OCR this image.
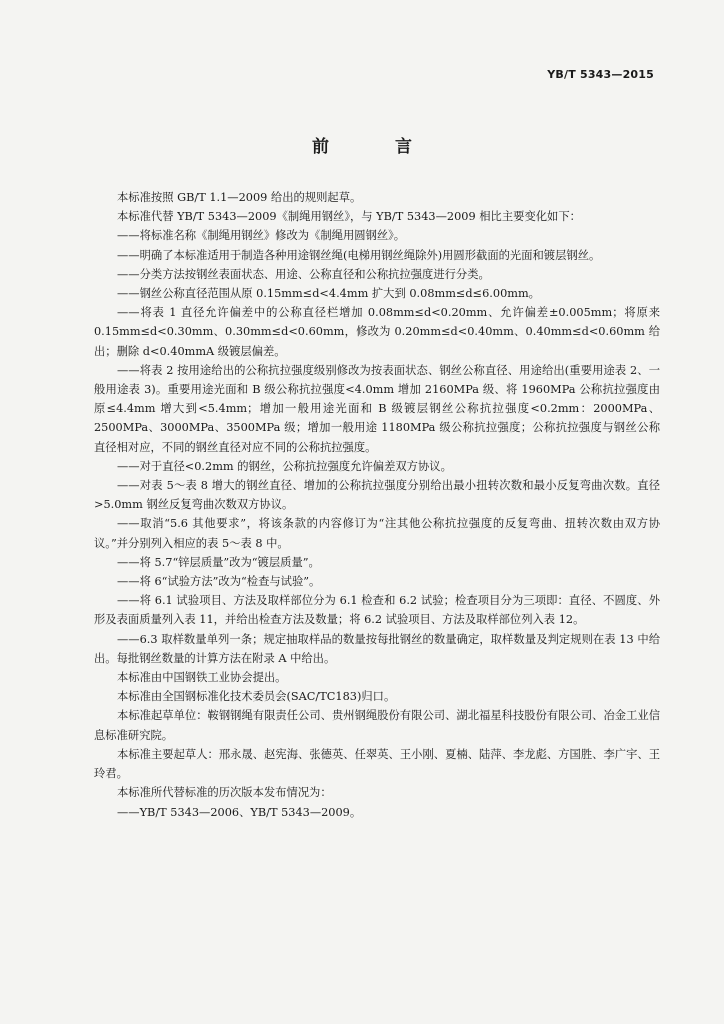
YB/T 5343—2015
前 言

本标准按照 GB/T 1.1—2009 给出的规则起草。

本标准代替 YB/T 5343—2009《制绳用钢丝》，与 YB/T 5343—2009 相比主要变化如下：

——将标准名称《制绳用钢丝》修改为《制绳用圆钢丝》。

——明确了本标准适用于制造各种用途钢丝绳(电梯用钢丝绳除外)用圆形截面的光面和镀层钢丝。

——分类方法按钢丝表面状态、用途、公称直径和公称抗拉强度进行分类。

——钢丝公称直径范围从原 0.15mm≤d<4.4mm 扩大到 0.08mm≤d≤6.00mm。

——将表 1 直径允许偏差中的公称直径栏增加 0.08mm≤d<0.20mm、允许偏差±0.005mm；将原来 0.15mm≤d<0.30mm、0.30mm≤d<0.60mm，修改为 0.20mm≤d<0.40mm、0.40mm≤d<0.60mm 给出；删除 d<0.40mmA 级镀层偏差。

——将表 2 按用途给出的公称抗拉强度级别修改为按表面状态、钢丝公称直径、用途给出(重要用途表 2、一般用途表 3)。重要用途光面和 B 级公称抗拉强度<4.0mm 增加 2160MPa 级、将 1960MPa 公称抗拉强度由原≤4.4mm 增大到<5.4mm；增加一般用途光面和 B 级镀层钢丝公称抗拉强度<0.2mm：2000MPa、2500MPa、3000MPa、3500MPa 级；增加一般用途 1180MPa 级公称抗拉强度；公称抗拉强度与钢丝公称直径相对应，不同的钢丝直径对应不同的公称抗拉强度。

——对于直径<0.2mm 的钢丝，公称抗拉强度允许偏差双方协议。

——对表 5～表 8 增大的钢丝直径、增加的公称抗拉强度分别给出最小扭转次数和最小反复弯曲次数。直径>5.0mm 钢丝反复弯曲次数双方协议。

——取消“5.6 其他要求”，将该条款的内容修订为“注其他公称抗拉强度的反复弯曲、扭转次数由双方协议。”并分别列入相应的表 5～表 8 中。

——将 5.7“锌层质量”改为“镀层质量”。

——将 6“试验方法”改为“检查与试验”。

——将 6.1 试验项目、方法及取样部位分为 6.1 检查和 6.2 试验；检查项目分为三项即：直径、不圆度、外形及表面质量列入表 11，并给出检查方法及数量；将 6.2 试验项目、方法及取样部位列入表 12。

——6.3 取样数量单列一条；规定抽取样品的数量按每批钢丝的数量确定，取样数量及判定规则在表 13 中给出。每批钢丝数量的计算方法在附录 A 中给出。

本标准由中国钢铁工业协会提出。

本标准由全国钢标准化技术委员会(SAC/TC183)归口。

本标准起草单位：鞍钢钢绳有限责任公司、贵州钢绳股份有限公司、湖北福星科技股份有限公司、冶金工业信息标准研究院。

本标准主要起草人：邢永晟、赵宪海、张德英、任翠英、王小刚、夏楠、陆萍、李龙彪、方国胜、李广宇、王玲君。

本标准所代替标准的历次版本发布情况为：

——YB/T 5343—2006、YB/T 5343—2009。
